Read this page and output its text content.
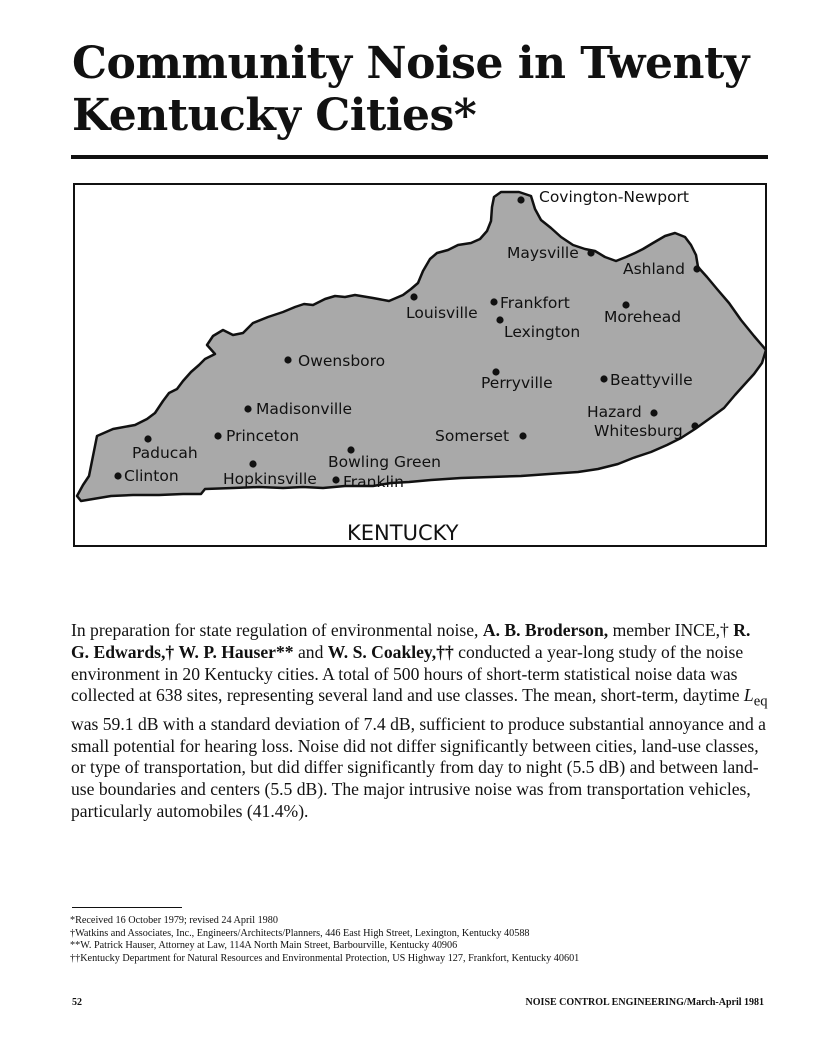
Community Noise in Twenty
Kentucky Cities*
Covington-Newport
Maysville
Ashland
Louisville
Frankfort
Morehead
Lexington
Owensboro
Perryville	Beattyville
Madisonville	Hazard
Princeton	Somerset	Whitesburg
Paducah	Bowling Green
Clinton	Hopkinsville Franklin
KENTUCKY

In preparation for state regulation of environmental noise, A. B. Broderson, member INCE,† R. G. Edwards,† W. P. Hauser** and W. S. Coakley,†† conducted a year-long study of the noise environment in 20 Kentucky cities. A total of 500 hours of short-term statistical noise data was collected at 638 sites, representing several land and use classes. The mean, short-term, daytime $L_{eq}$ was 59.1 dB with a standard deviation of 7.4 dB, sufficient to produce substantial annoyance and a small potential for hearing loss. Noise did not differ significantly between cities, land-use classes, or type of transportation, but did differ significantly from day to night (5.5 dB) and between land-use boundaries and centers (5.5 dB). The major intrusive noise was from transportation vehicles, particularly automobiles (41.4%).

*Received 16 October 1979; revised 24 April 1980
†Watkins and Associates, Inc., Engineers/Architects/Planners, 446 East High Street, Lexington, Kentucky 40588
**W. Patrick Hauser, Attorney at Law, 114A North Main Street, Barbourville, Kentucky 40906
††Kentucky Department for Natural Resources and Environmental Protection, US Highway 127, Frankfort, Kentucky 40601
52	NOISE CONTROL ENGINEERING/March-April 1981
